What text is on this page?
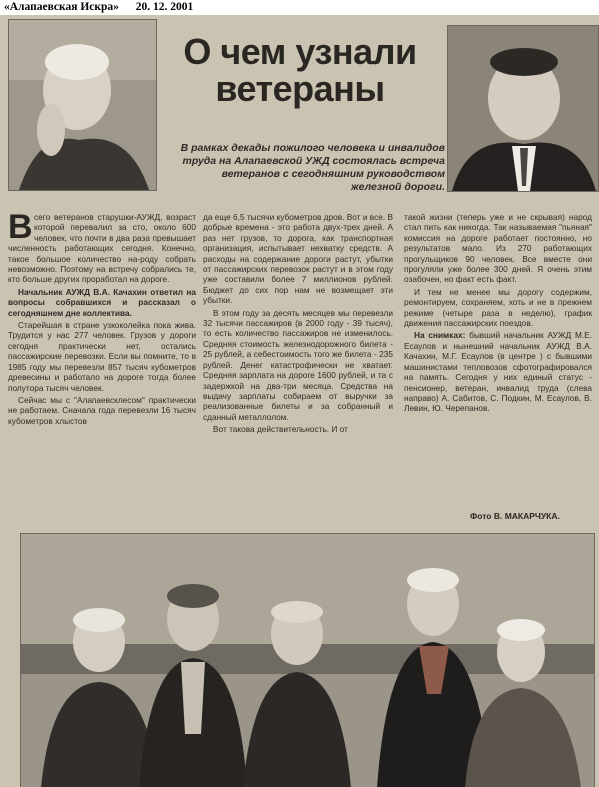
«Алапаевская Искра» 20. 12. 2001
О чем узнали ветераны
В рамках декады пожилого человека и инвалидов труда на Алапаевской УЖД состоялась встреча ветеранов с сегодняшним руководством железной дороги.
В сего ветеранов старушки-АУЖД, возраст которой перевалил за сто, около 600 человек, что почти в два раза превышает численность работающих сегодня. Конечно, такое большое количество на-роду собрать невозможно. Поэтому на встречу собрались те, кто больше других проработал на дороге.

Начальник АУЖД В.А. Качахин ответил на вопросы собравшихся и рассказал о сегодняшнем дне коллектива.

Старейшая в стране узкоколейка пока жива. Трудится у нас 277 человек. Грузов у дороги сегодня практически нет, остались пассажирские перевозки. Если вы помните, то в 1985 году мы перевезли 857 тысяч кубометров древесины и работало на дороге тогда более полутора тысяч человек.

Сейчас мы с "Алапаевсклесом" практически не работаем. Сначала года перевезли 16 тысяч кубометров хлыстов

да еще 6,5 тысячи кубометров дров. Вот и все. В добрые времена - это работа двух-трех дней. А раз нет грузов, то дорога, как транспортная организация, испытывает нехватку средств. А расходы на содержание дороги растут, убытки от пассажирских перевозок растут и в этом году уже составили более 7 миллионов рублей. Бюджет до сих пор нам не возмещает эти убытки.

В этом году за десять месяцев мы перевезли 32 тысячи пассажиров (в 2000 году - 39 тысяч), то есть количество пассажиров не изменилось. Средняя стоимость железнодорожного билета - 25 рублей, а себестоимость того же билета - 235 рублей. Денег катастрофически не хватает. Средняя зарплата на дороге 1600 рублей, и та с задержкой на два-три месяца. Средства на выдачу зарплаты собираем от выручки за реализованные билеты и за собранный и сданный металлолом.

Вот такова действительность. И от

такой жизни (теперь уже и не скрывая) народ стал пить как никогда. Так называемая "пьяная" комиссия на дороге работает постоянно, но результатов мало. Из 270 работающих прогульщиков 90 человек. Все вместе они прогуляли уже более 300 дней. Я очень этим озабочен, но факт есть факт.

И тем не менее мы дорогу содержим, ремонтируем, сохраняем, хоть и не в прежнем режиме (четыре раза в неделю), график движения пассажирских поездов.

На снимках: бывший начальник АУЖД М.Е. Есаулов и нынешний начальник АУЖД В.А. Качахин, М.Г. Есаулов (в центре ) с бывшими машинистами тепловозов сфотографировался на память. Сегодня у них единый статус - пенсионер, ветеран, инвалид труда (слева направо) А. Сабитов, С. Подкин, М. Есаулов, В. Левин, Ю. Черепанов.

Фото В. МАКАРЧУКА.
